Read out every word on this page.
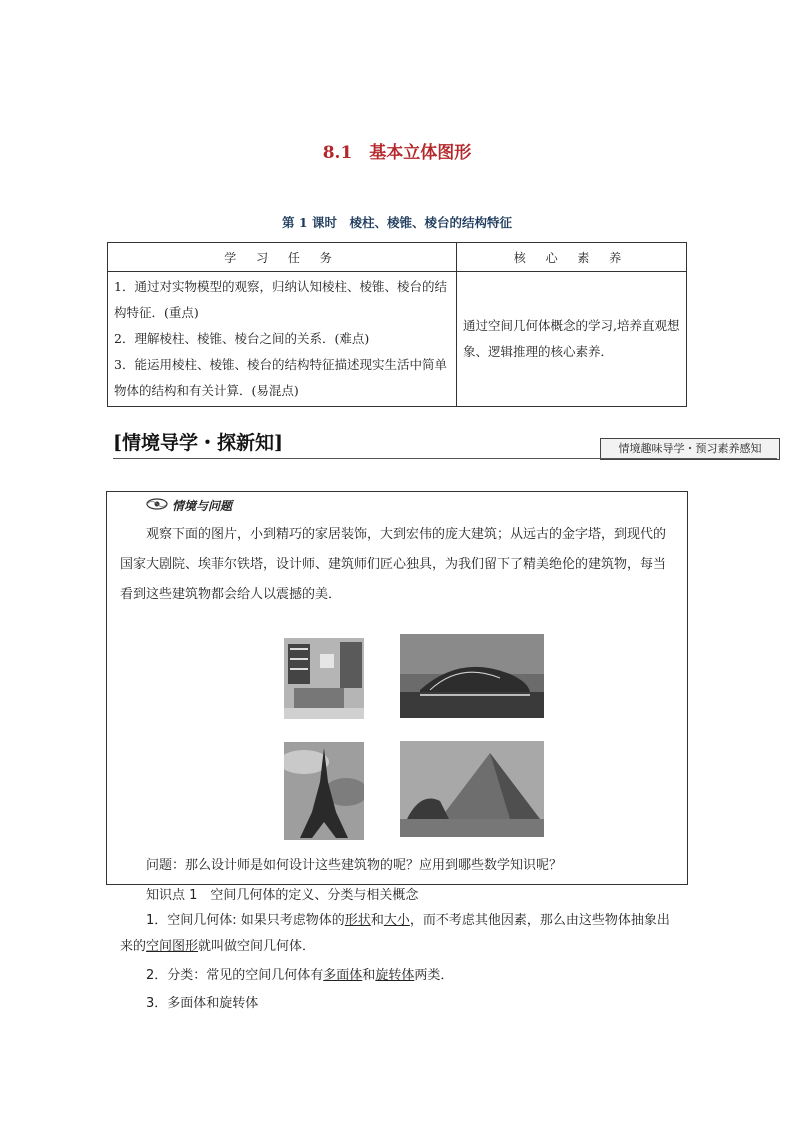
8.1　基本立体图形
第 1 课时　棱柱、棱锥、棱台的结构特征
学 习 任 务	核 心 素 养

1．通过对实物模型的观察，归纳认知棱柱、棱锥、棱台的结构特征．(重点)
2．理解棱柱、棱锥、棱台之间的关系．(难点)
3．能运用棱柱、棱锥、棱台的结构特征描述现实生活中简单物体的结构和有关计算．(易混点)	通过空间几何体概念的学习,培养直观想象、逻辑推理的核心素养．
[情境导学・探新知]	情境趣味导学・预习素养感知
情境与问题
观察下面的图片，小到精巧的家居装饰，大到宏伟的庞大建筑；从远古的金字塔，到现代的国家大剧院、埃菲尔铁塔，设计师、建筑师们匠心独具，为我们留下了精美绝伦的建筑物，每当看到这些建筑物都会给人以震撼的美．
问题：那么设计师是如何设计这些建筑物的呢？应用到哪些数学知识呢？
知识点 1　空间几何体的定义、分类与相关概念
1．空间几何体: 如果只考虑物体的形状和大小，而不考虑其他因素，那么由这些物体抽象出来的空间图形就叫做空间几何体．
2．分类：常见的空间几何体有多面体和旋转体两类．
3．多面体和旋转体
